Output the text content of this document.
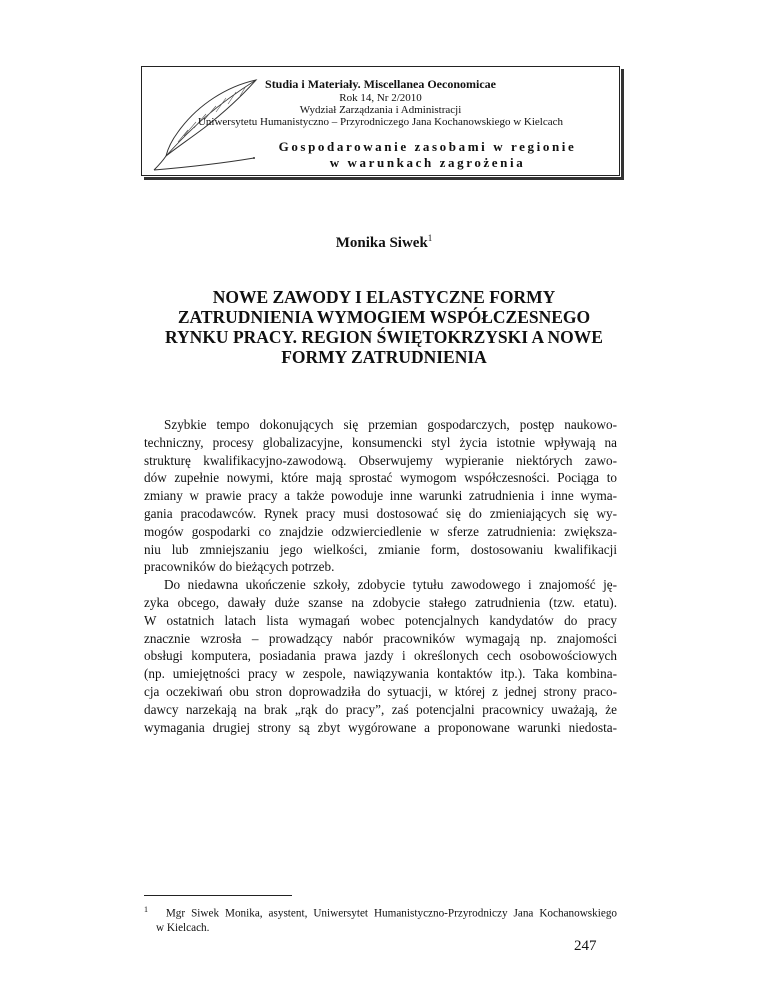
Studia i Materiały. Miscellanea Oeconomicae
Rok 14, Nr 2/2010
Wydział Zarządzania i Administracji
Uniwersytetu Humanistyczno – Przyrodniczego Jana Kochanowskiego w Kielcach
Gospodarowanie zasobami w regionie
w warunkach zagrożenia
Monika Siwek$^1$
NOWE ZAWODY I ELASTYCZNE FORMY
ZATRUDNIENIA WYMOGIEM WSPÓŁCZESNEGO
RYNKU PRACY. REGION ŚWIĘTOKRZYSKI A NOWE
FORMY ZATRUDNIENIA
Szybkie tempo dokonujących się przemian gospodarczych, postęp naukowo-
techniczny, procesy globalizacyjne, konsumencki styl życia istotnie wpływają na
strukturę kwalifikacyjno-zawodową. Obserwujemy wypieranie niektórych zawo-
dów zupełnie nowymi, które mają sprostać wymogom współczesności. Pociąga to
zmiany w prawie pracy a także powoduje inne warunki zatrudnienia i inne wyma-
gania pracodawców. Rynek pracy musi dostosować się do zmieniających się wy-
mogów gospodarki co znajdzie odzwierciedlenie w sferze zatrudnienia: zwiększa-
niu lub zmniejszaniu jego wielkości, zmianie form, dostosowaniu kwalifikacji
pracowników do bieżących potrzeb.
Do niedawna ukończenie szkoły, zdobycie tytułu zawodowego i znajomość ję-
zyka obcego, dawały duże szanse na zdobycie stałego zatrudnienia (tzw. etatu).
W ostatnich latach lista wymagań wobec potencjalnych kandydatów do pracy
znacznie wzrosła – prowadzący nabór pracowników wymagają np. znajomości
obsługi komputera, posiadania prawa jazdy i określonych cech osobowościowych
(np. umiejętności pracy w zespole, nawiązywania kontaktów itp.). Taka kombina-
cja oczekiwań obu stron doprowadziła do sytuacji, w której z jednej strony praco-
dawcy narzekają na brak „rąk do pracy”, zaś potencjalni pracownicy uważają, że
wymagania drugiej strony są zbyt wygórowane a proponowane warunki niedosta-
$^1$ Mgr Siwek Monika, asystent, Uniwersytet Humanistyczno-Przyrodniczy Jana Kochanowskiego
w Kielcach.
247
